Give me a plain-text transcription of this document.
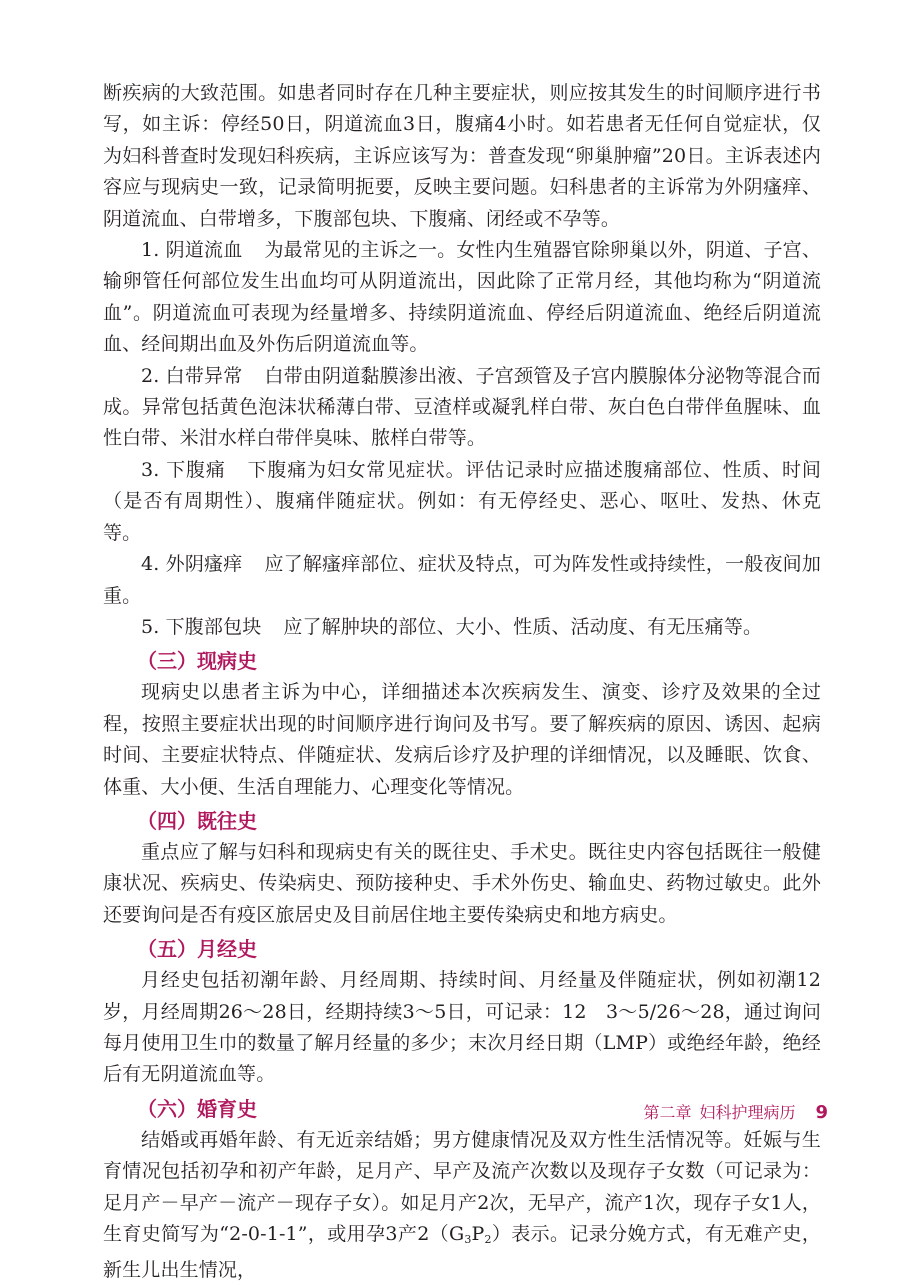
断疾病的大致范围。如患者同时存在几种主要症状，则应按其发生的时间顺序进行书写，如主诉：停经50日，阴道流血3日，腹痛4小时。如若患者无任何自觉症状，仅为妇科普查时发现妇科疾病，主诉应该写为：普查发现“卵巢肿瘤”20日。主诉表述内容应与现病史一致，记录简明扼要，反映主要问题。妇科患者的主诉常为外阴瘙痒、阴道流血、白带增多，下腹部包块、下腹痛、闭经或不孕等。

1. 阴道流血 为最常见的主诉之一。女性内生殖器官除卵巢以外，阴道、子宫、输卵管任何部位发生出血均可从阴道流出，因此除了正常月经，其他均称为“阴道流血”。阴道流血可表现为经量增多、持续阴道流血、停经后阴道流血、绝经后阴道流血、经间期出血及外伤后阴道流血等。

2. 白带异常 白带由阴道黏膜渗出液、子宫颈管及子宫内膜腺体分泌物等混合而成。异常包括黄色泡沫状稀薄白带、豆渣样或凝乳样白带、灰白色白带伴鱼腥味、血性白带、米泔水样白带伴臭味、脓样白带等。

3. 下腹痛 下腹痛为妇女常见症状。评估记录时应描述腹痛部位、性质、时间（是否有周期性）、腹痛伴随症状。例如：有无停经史、恶心、呕吐、发热、休克等。

4. 外阴瘙痒 应了解瘙痒部位、症状及特点，可为阵发性或持续性，一般夜间加重。

5. 下腹部包块 应了解肿块的部位、大小、性质、活动度、有无压痛等。

（三）现病史

现病史以患者主诉为中心，详细描述本次疾病发生、演变、诊疗及效果的全过程，按照主要症状出现的时间顺序进行询问及书写。要了解疾病的原因、诱因、起病时间、主要症状特点、伴随症状、发病后诊疗及护理的详细情况，以及睡眠、饮食、体重、大小便、生活自理能力、心理变化等情况。

（四）既往史

重点应了解与妇科和现病史有关的既往史、手术史。既往史内容包括既往一般健康状况、疾病史、传染病史、预防接种史、手术外伤史、输血史、药物过敏史。此外还要询问是否有疫区旅居史及目前居住地主要传染病史和地方病史。

（五）月经史

月经史包括初潮年龄、月经周期、持续时间、月经量及伴随症状，例如初潮12岁，月经周期26～28日，经期持续3～5日，可记录：12　3～5/26～28，通过询问每月使用卫生巾的数量了解月经量的多少；末次月经日期（LMP）或绝经年龄，绝经后有无阴道流血等。

（六）婚育史

结婚或再婚年龄、有无近亲结婚；男方健康情况及双方性生活情况等。妊娠与生育情况包括初孕和初产年龄，足月产、早产及流产次数以及现存子女数（可记录为：足月产－早产－流产－现存子女）。如足月产2次，无早产，流产1次，现存子女1人，生育史简写为“2-0-1-1”，或用孕3产$2(G_3P_2)$表示。记录分娩方式，有无难产史，新生儿出生情况，

第二章 妇科护理病历 9
